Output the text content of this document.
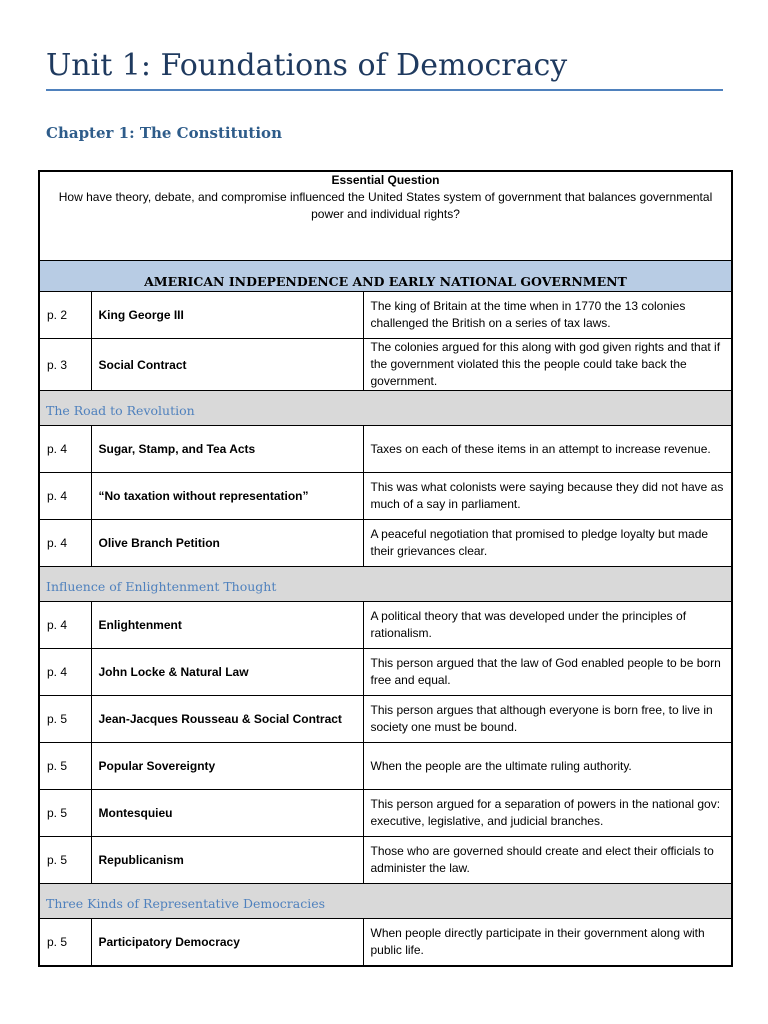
Unit 1: Foundations of Democracy
Chapter 1: The Constitution
Essential Question
How have theory, debate, and compromise influenced the United States system of government that balances governmental power and individual rights?		

AMERICAN INDEPENDENCE AND EARLY NATIONAL GOVERNMENT		
p. 2	King George III	The king of Britain at the time when in 1770 the 13 colonies challenged the British on a series of tax laws.
p. 3	Social Contract	The colonies argued for this along with god given rights and that if the government violated this the people could take back the government.
The Road to Revolution		
p. 4	Sugar, Stamp, and Tea Acts	Taxes on each of these items in an attempt to increase revenue.
p. 4	“No taxation without representation”	This was what colonists were saying because they did not have as much of a say in parliament.
p. 4	Olive Branch Petition	A peaceful negotiation that promised to pledge loyalty but made their grievances clear.
Influence of Enlightenment Thought		
p. 4	Enlightenment	A political theory that was developed under the principles of rationalism.
p. 4	John Locke & Natural Law	This person argued that the law of God enabled people to be born free and equal.
p. 5	Jean-Jacques Rousseau & Social Contract	This person argues that although everyone is born free, to live in society one must be bound.
p. 5	Popular Sovereignty	When the people are the ultimate ruling authority.
p. 5	Montesquieu	This person argued for a separation of powers in the national gov: executive, legislative, and judicial branches.
p. 5	Republicanism	Those who are governed should create and elect their officials to administer the law.
Three Kinds of Representative Democracies		
p. 5	Participatory Democracy	When people directly participate in their government along with public life.
